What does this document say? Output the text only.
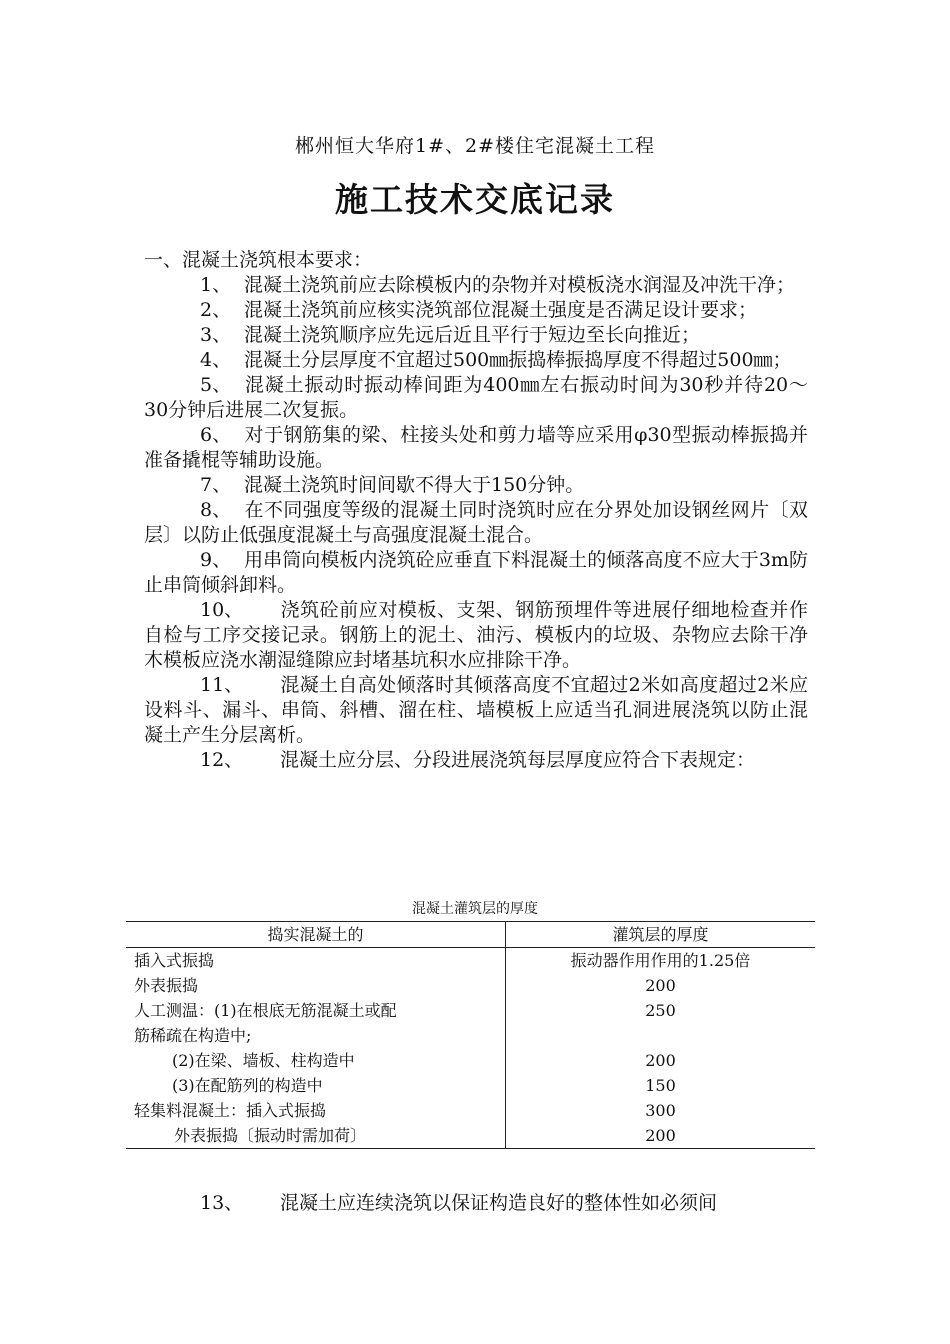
郴州恒大华府1#、2#楼住宅混凝土工程
施工技术交底记录

一、混凝土浇筑根本要求：

1、 混凝土浇筑前应去除模板内的杂物并对模板浇水润湿及冲洗干净；

2、 混凝土浇筑前应核实浇筑部位混凝土强度是否满足设计要求；

3、 混凝土浇筑顺序应先远后近且平行于短边至长向推近；

4、 混凝土分层厚度不宜超过500㎜振捣棒振捣厚度不得超过500㎜；

5、 混凝土振动时振动棒间距为400㎜左右振动时间为30秒并待20～30分钟后进展二次复振。

6、 对于钢筋集的梁、柱接头处和剪力墙等应采用φ30型振动棒振捣并准备撬棍等辅助设施。

7、 混凝土浇筑时间间歇不得大于150分钟。

8、 在不同强度等级的混凝土同时浇筑时应在分界处加设钢丝网片〔双层〕以防止低强度混凝土与高强度混凝土混合。

9、 用串筒向模板内浇筑砼应垂直下料混凝土的倾落高度不应大于3m防止串筒倾斜卸料。

10、 浇筑砼前应对模板、支架、钢筋预埋件等进展仔细地检查并作自检与工序交接记录。钢筋上的泥土、油污、模板内的垃圾、杂物应去除干净木模板应浇水潮湿缝隙应封堵基坑积水应排除干净。

11、 混凝土自高处倾落时其倾落高度不宜超过2米如高度超过2米应设料斗、漏斗、串筒、斜槽、溜在柱、墙模板上应适当孔洞进展浇筑以防止混凝土产生分层离析。

12、 混凝土应分层、分段进展浇筑每层厚度应符合下表规定：

混凝土灌筑层的厚度
捣实混凝土的	灌筑层的厚度
插入式振捣	振动器作用作用的1.25倍
外表振捣	200
人工测温：(1)在根底无筋混凝土或配	250
筋稀疏在构造中;	
(2)在梁、墙板、柱构造中	200
(3)在配筋列的构造中	150
轻集料混凝土：插入式振捣	300
外表振捣〔振动时需加荷〕	200

13、 混凝土应连续浇筑以保证构造良好的整体性如必须间
